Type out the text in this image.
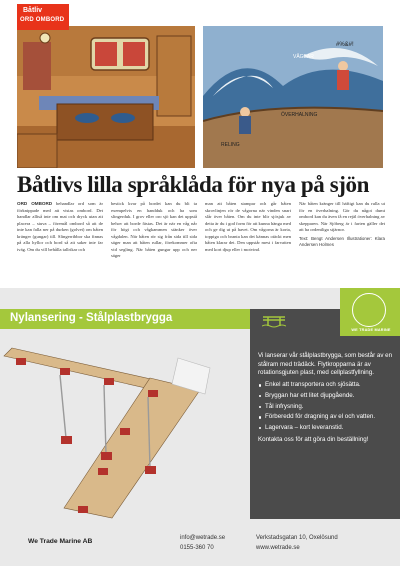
Båtliv
ORD OMBORD
VÅGBAR
ÖVERHALNING
RELING
#%&#!
Båtlivs lilla språklåda för nya på sjön
ORD OMBORD behandlar ord som är förknippade med att vistas ombord. Det handlar alltså inte om mat och dryck utan att placera – stuva – föremål ombord så att de inte kan falla ner på durken (golvet) om båten kränger (gungar) till. Slingerribbor ska finnas på alla hyllor och bord så att saker inte far iväg. Om du vill behålla tallrikar och
bestick kvar på bordet kan du bli ta exempelvis en handduk och ha som slingerduk. I grov eller oro sjö kan det uppstå behov att borde fästas. Det är när en våg når för högt och vågkammen stänker över vågdalen. När båten rör sig från sida till sida säger man att båten rullar, förekommer ofta vid segling. När båten gungar upp och ner säger
man att båten stampar och går båten skrovlinjen rör de vågorna när vinden snart slår över båten. Om du inte blir sjösjuk av detta är du i god form för att kunna hänga med och ge dig ut på havet. Om vågorna är korta, toppiga och branta kan det kännas otäckt men båten klarar det. Den uppstår mest i farvatten med kort djup eller i motvind.
När båten kränger till häftigt kan du rulla ut för en överhalning. Gör du något dumt ombord kan du även få en rejäl överhalning av skepparen. När Sjöberg är i farten gäller det att ha ordentliga stjärnor.
Text: Bengt Andersen Illustrationer: Klara Andersen Holmes
Nylansering - Stålplastbrygga
WE TRADE MARINE

Vi lanserar vår stålplastbrygga, som består av en stålram med trädäck. Flytkropparna är av rotationsgjuten plast, med cellplastfyllning.

Enkel att transportera och sjösätta.
Bryggan har ett litet djupgående.
Tål infrysning.
Förberedd för dragning av el och vatten.
Lagervara – kort leveranstid.

Kontakta oss för att göra din beställning!

We Trade Marine AB	info@wetrade.se
0155-360 70
Verkstadsgatan 10, Oxelösund
www.wetrade.se
